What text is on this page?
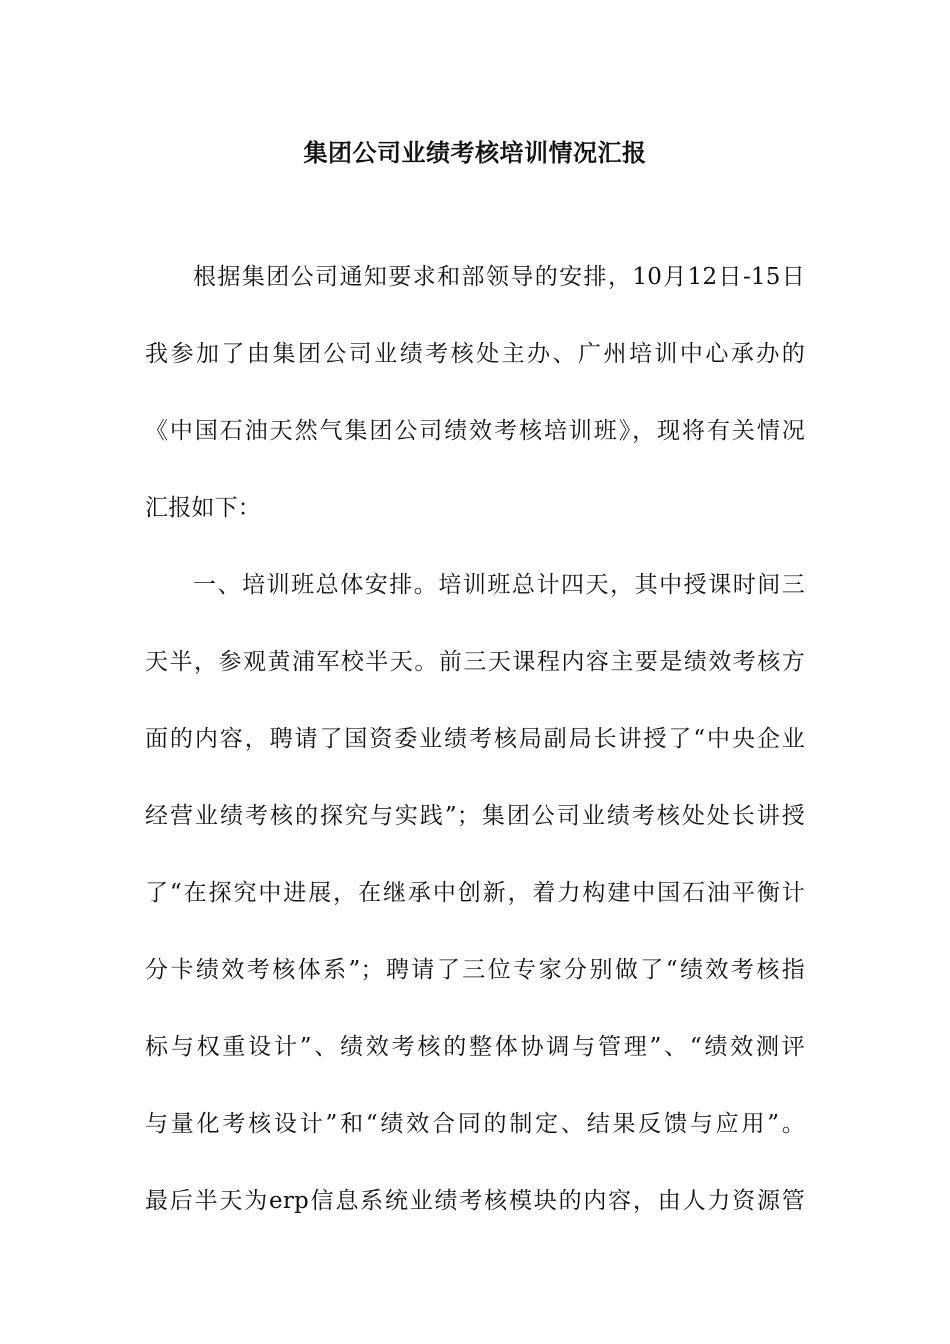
集团公司业绩考核培训情况汇报
根据集团公司通知要求和部领导的安排，10月12日-15日
我参加了由集团公司业绩考核处主办、广州培训中心承办的
《中国石油天然气集团公司绩效考核培训班》，现将有关情况
汇报如下：
一、培训班总体安排。培训班总计四天，其中授课时间三
天半，参观黄浦军校半天。前三天课程内容主要是绩效考核方
面的内容，聘请了国资委业绩考核局副局长讲授了“中央企业
经营业绩考核的探究与实践”；集团公司业绩考核处处长讲授
了“在探究中进展，在继承中创新，着力构建中国石油平衡计
分卡绩效考核体系”；聘请了三位专家分别做了“绩效考核指
标与权重设计”、绩效考核的整体协调与管理”、“绩效测评
与量化考核设计”和“绩效合同的制定、结果反馈与应用”。
最后半天为erp信息系统业绩考核模块的内容，由人力资源管
